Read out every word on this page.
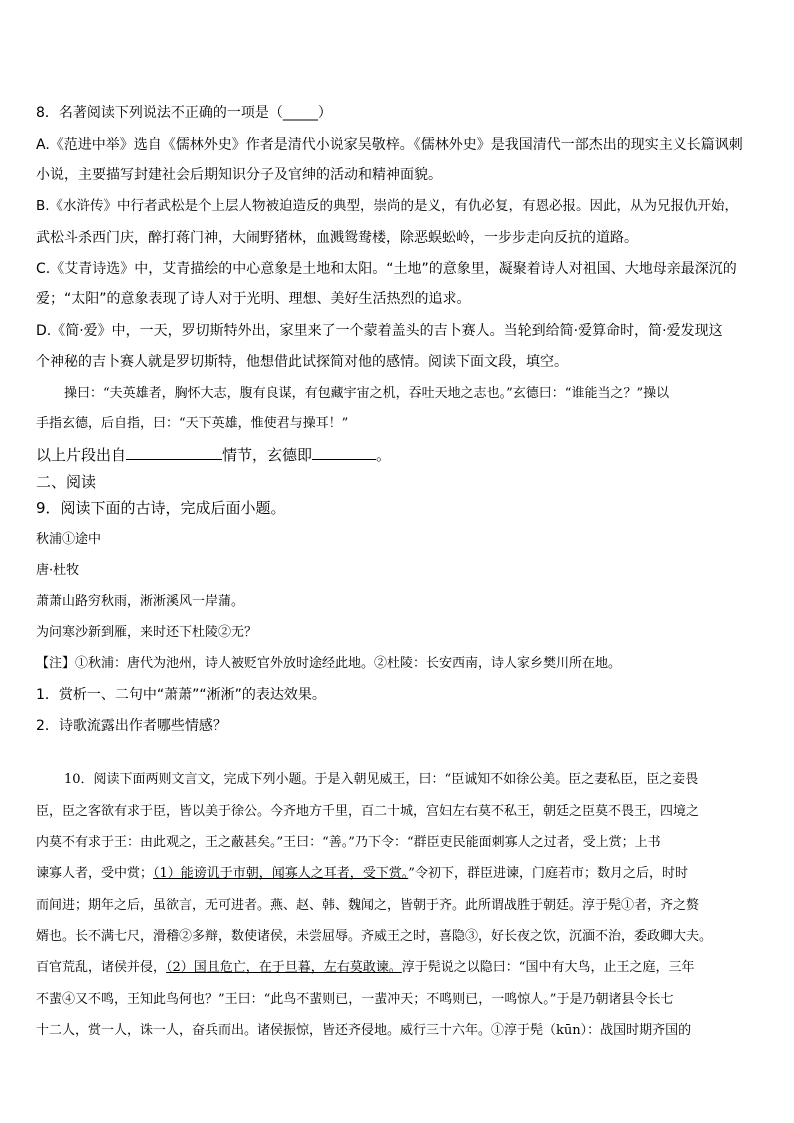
8．名著阅读下列说法不正确的一项是（_____）
A.《范进中举》选自《儒林外史》作者是清代小说家吴敬梓。《儒林外史》是我国清代一部杰出的现实主义长篇讽刺
小说，主要描写封建社会后期知识分子及官绅的活动和精神面貌。
B.《水浒传》中行者武松是个上层人物被迫造反的典型，崇尚的是义，有仇必复，有恩必报。因此，从为兄报仇开始，
武松斗杀西门庆，醉打蒋门神，大闹野猪林，血溅鸳鸯楼，除恶蜈蚣岭，一步步走向反抗的道路。
C.《艾青诗选》中，艾青描绘的中心意象是土地和太阳。“土地”的意象里，凝聚着诗人对祖国、大地母亲最深沉的
爱；“太阳”的意象表现了诗人对于光明、理想、美好生活热烈的追求。
D.《简·爱》中，一天，罗切斯特外出，家里来了一个蒙着盖头的吉卜赛人。当轮到给简·爱算命时，简·爱发现这
个神秘的吉卜赛人就是罗切斯特，他想借此试探简对他的感情。阅读下面文段，填空。
操曰：“夫英雄者，胸怀大志，腹有良谋，有包藏宇宙之机，吞吐天地之志也。”玄德曰：“谁能当之？”操以
手指玄德，后自指，曰：“天下英雄，惟使君与操耳！”
以上片段出自	情节，玄德即	。
二、阅读
9．阅读下面的古诗，完成后面小题。
秋浦①途中
唐·杜牧
萧萧山路穷秋雨，淅淅溪风一岸蒲。
为问寒沙新到雁，来时还下杜陵②无？
【注】①秋浦：唐代为池州，诗人被贬官外放时途经此地。②杜陵：长安西南，诗人家乡樊川所在地。
1．赏析一、二句中“萧萧”“淅淅”的表达效果。
2．诗歌流露出作者哪些情感？
10．阅读下面两则文言文，完成下列小题。于是入朝见威王，曰：“臣诚知不如徐公美。臣之妻私臣，臣之妾畏
臣，臣之客欲有求于臣，皆以美于徐公。今齐地方千里，百二十城，宫妇左右莫不私王，朝廷之臣莫不畏王，四境之
内莫不有求于王：由此观之，王之蔽甚矣。”王曰：“善。”乃下令：“群臣吏民能面刺寡人之过者，受上赏；上书
谏寡人者，受中赏；（1）能谤讥于市朝，闻寡人之耳者，受下赏。”令初下，群臣进谏，门庭若市；数月之后，时时
而间进；期年之后，虽欲言，无可进者。燕、赵、韩、魏闻之，皆朝于齐。此所谓战胜于朝廷。淳于髡①者，齐之赘
婿也。长不满七尺，滑稽②多辩，数使诸侯，未尝屈辱。齐威王之时，喜隐③，好长夜之饮，沉湎不治，委政卿大夫。
百官荒乱，诸侯并侵，（2）国且危亡，在于旦暮，左右莫敢谏。淳于髡说之以隐曰：“国中有大鸟，止王之庭，三年
不蜚④又不鸣，王知此鸟何也？”王曰：“此鸟不蜚则已，一蜚冲天；不鸣则已，一鸣惊人。”于是乃朝诸县令长七
十二人，赏一人，诛一人，奋兵而出。诸侯振惊，皆还齐侵地。威行三十六年。①淳于髡（kūn）：战国时期齐国的
